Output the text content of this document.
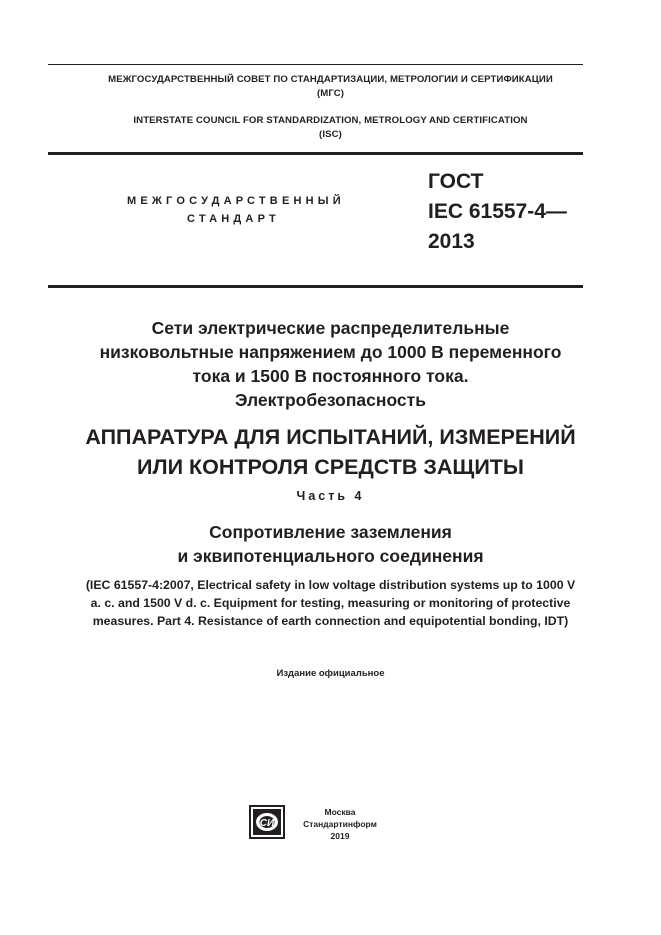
МЕЖГОСУДАРСТВЕННЫЙ СОВЕТ ПО СТАНДАРТИЗАЦИИ, МЕТРОЛОГИИ И СЕРТИФИКАЦИИ
(МГС)
INTERSTATE COUNCIL FOR STANDARDIZATION, METROLOGY AND CERTIFICATION
(ISC)
МЕЖГОСУДАРСТВЕННЫЙ
СТАНДАРТ
ГОСТ
IEC 61557-4—
2013
Сети электрические распределительные
низковольтные напряжением до 1000 В переменного
тока и 1500 В постоянного тока.
Электробезопасность
АППАРАТУРА ДЛЯ ИСПЫТАНИЙ, ИЗМЕРЕНИЙ
ИЛИ КОНТРОЛЯ СРЕДСТВ ЗАЩИТЫ
Часть 4
Сопротивление заземления
и эквипотенциального соединения
(IEC 61557-4:2007, Electrical safety in low voltage distribution systems up to 1000 V
a. c. and 1500 V d. c. Equipment for testing, measuring or monitoring of protective
measures. Part 4. Resistance of earth connection and equipotential bonding, IDT)
Издание официальное
СИ
Москва
Стандартинформ
2019
